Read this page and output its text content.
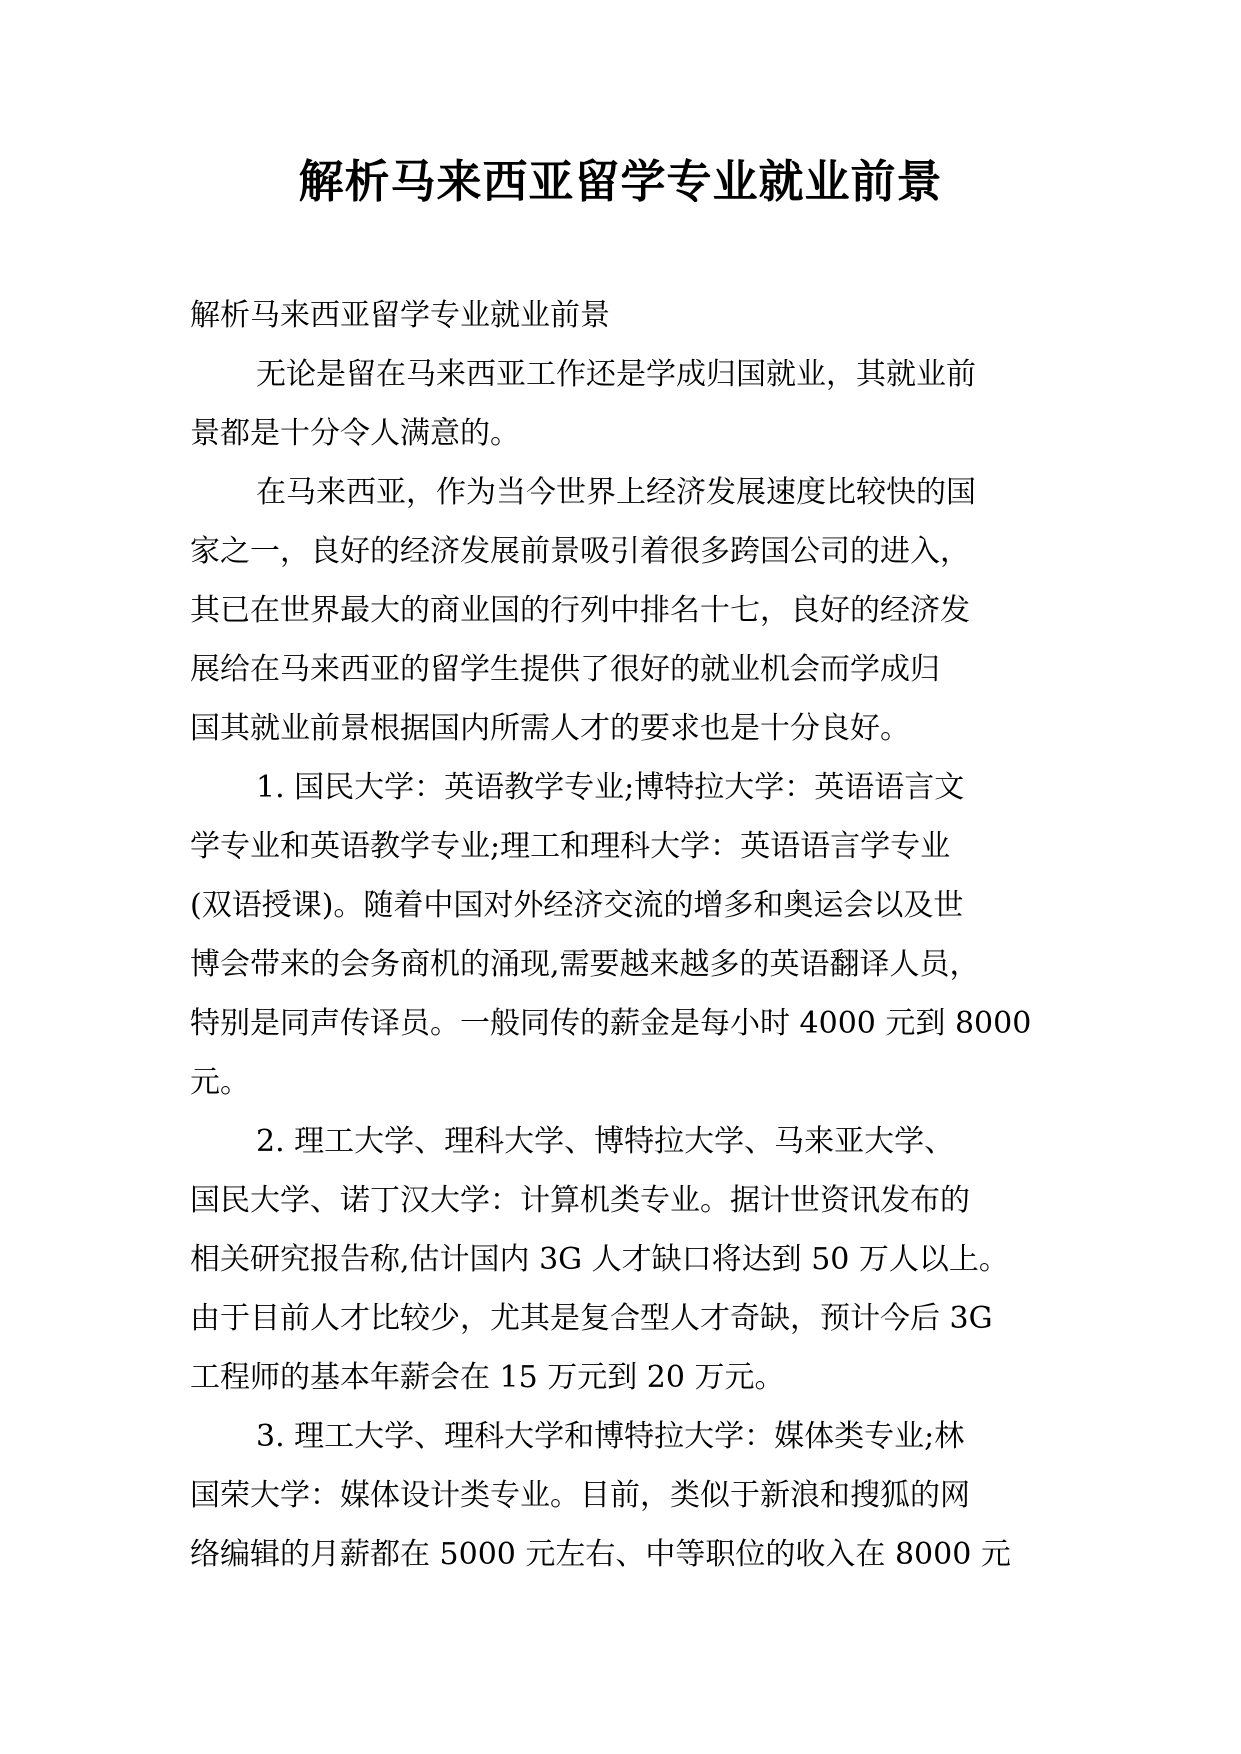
解析马来西亚留学专业就业前景
解析马来西亚留学专业就业前景
无论是留在马来西亚工作还是学成归国就业，其就业前
景都是十分令人满意的。
在马来西亚，作为当今世界上经济发展速度比较快的国
家之一，良好的经济发展前景吸引着很多跨国公司的进入，
其已在世界最大的商业国的行列中排名十七，良好的经济发
展给在马来西亚的留学生提供了很好的就业机会而学成归
国其就业前景根据国内所需人才的要求也是十分良好。
1. 国民大学：英语教学专业;博特拉大学：英语语言文
学专业和英语教学专业;理工和理科大学：英语语言学专业
(双语授课)。随着中国对外经济交流的增多和奥运会以及世
博会带来的会务商机的涌现,需要越来越多的英语翻译人员，
特别是同声传译员。一般同传的薪金是每小时 4000 元到 8000
元。
2. 理工大学、理科大学、博特拉大学、马来亚大学、
国民大学、诺丁汉大学：计算机类专业。据计世资讯发布的
相关研究报告称,估计国内 3G 人才缺口将达到 50 万人以上。
由于目前人才比较少，尤其是复合型人才奇缺，预计今后 3G
工程师的基本年薪会在 15 万元到 20 万元。
3. 理工大学、理科大学和博特拉大学：媒体类专业;林
国荣大学：媒体设计类专业。目前，类似于新浪和搜狐的网
络编辑的月薪都在 5000 元左右、中等职位的收入在 8000 元
